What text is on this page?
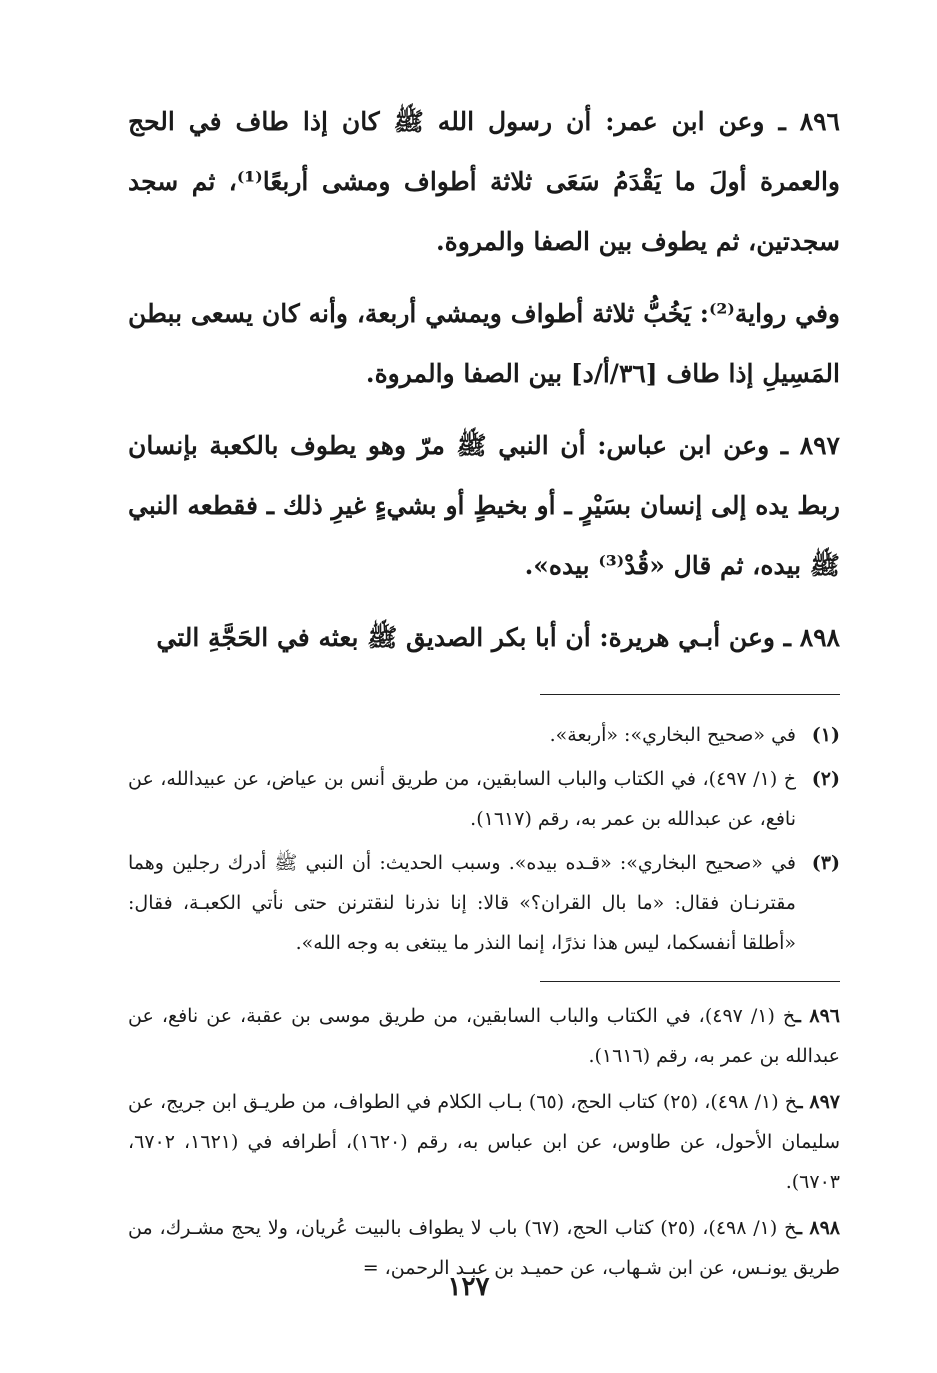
٨٩٦ ـ وعن ابن عمر: أن رسول الله ﷺ كان إذا طاف في الحج والعمرة أولَ ما يَقْدَمُ سَعَى ثلاثة أطواف ومشى أربعًا⁽¹⁾، ثم سجد سجدتين، ثم يطوف بين الصفا والمروة.

وفي رواية⁽²⁾: يَخُبُّ ثلاثة أطواف ويمشي أربعة، وأنه كان يسعى ببطن المَسِيلِ إذا طاف [٣٦/أ/د] بين الصفا والمروة.

٨٩٧ ـ وعن ابن عباس: أن النبي ﷺ مرّ وهو يطوف بالكعبة بإنسان ربط يده إلى إنسان بسَيْرٍ ـ أو بخيطٍ أو بشيءٍ غيرِ ذلك ـ فقطعه النبي ﷺ بيده، ثم قال «قُدْ⁽³⁾ بيده».

٨٩٨ ـ وعن أبـي هريرة: أن أبا بكر الصديق ﷺ بعثه في الحَجَّةِ التي

(١)
في «صحيح البخاري»: «أربعة».
(٢)
خ (١/ ٤٩٧)، في الكتاب والباب السابقين، من طريق أنس بن عياض، عن عبيدالله، عن نافع، عن عبدالله بن عمر به، رقم (١٦١٧).
(٣)
في «صحيح البخاري»: «قـده بيده». وسبب الحديث: أن النبي ﷺ أدرك رجلين وهما مقترنـان فقال: «ما بال القران؟» قالا: إنا نذرنا لنقترنن حتى نأتي الكعبـة، فقال: «أطلقا أنفسكما، ليس هذا نذرًا، إنما النذر ما يبتغى به وجه الله».
٨٩٦ ـخ (١/ ٤٩٧)، في الكتاب والباب السابقين، من طريق موسى بن عقبة، عن نافع، عن عبدالله بن عمر به، رقم (١٦١٦).
٨٩٧ ـخ (١/ ٤٩٨)، (٢٥) كتاب الحج، (٦٥) بـاب الكلام في الطواف، من طريـق ابن جريج، عن سليمان الأحول، عن طاوس، عن ابن عباس به، رقم (١٦٢٠)، أطرافه في (١٦٢١، ٦٧٠٢، ٦٧٠٣).
٨٩٨ ـخ (١/ ٤٩٨)، (٢٥) كتاب الحج، (٦٧) باب لا يطواف بالبيت عُريان، ولا يحج مشـرك، من طريق يونـس، عن ابن شـهاب، عن حميـد بن عبـد الرحمن، =
١٢٧
